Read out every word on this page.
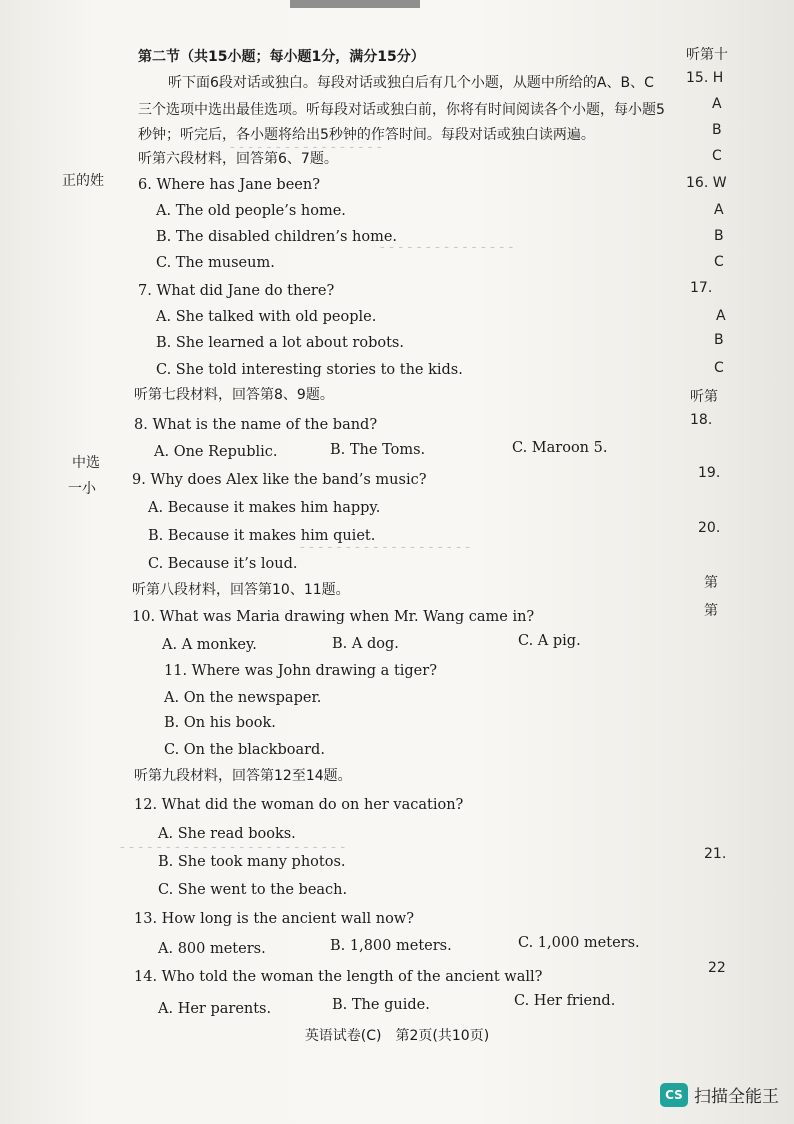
- - - - - - - - - - - - - - - - -
- - - - - - - - - - - - - - -
- - - - - - - - - - - - - - - - - - -
- - - - - - - - - - - - - - - - - - - - - - - - -
正的姓
中选
一小
第二节（共15小题；每小题1分，满分15分）
听下面6段对话或独白。每段对话或独白后有几个小题，从题中所给的A、B、C
三个选项中选出最佳选项。听每段对话或独白前，你将有时间阅读各个小题，每小题5
秒钟；听完后，各小题将给出5秒钟的作答时间。每段对话或独白读两遍。
听第六段材料，回答第6、7题。
6. Where has Jane been?
A. The old people’s home.
B. The disabled children’s home.
C. The museum.
7. What did Jane do there?
A. She talked with old people.
B. She learned a lot about robots.
C. She told interesting stories to the kids.
听第七段材料，回答第8、9题。
8. What is the name of the band?
A. One Republic.	B. The Toms.	C. Maroon 5.
9. Why does Alex like the band’s music?
A. Because it makes him happy.
B. Because it makes him quiet.
C. Because it’s loud.
听第八段材料，回答第10、11题。
10. What was Maria drawing when Mr. Wang came in?
A. A monkey.	B. A dog.	C. A pig.
11. Where was John drawing a tiger?
A. On the newspaper.
B. On his book.
C. On the blackboard.
听第九段材料，回答第12至14题。
12. What did the woman do on her vacation?
A. She read books.
B. She took many photos.
C. She went to the beach.
13. How long is the ancient wall now?
A. 800 meters.	B. 1,800 meters.	C. 1,000 meters.
14. Who told the woman the length of the ancient wall?
A. Her parents.	B. The guide.	C. Her friend.
听第十
15. H
A
B
C
16. W
A
B
C
17.
A
B
C
听第
18.
19.
20.
第
第
21.
22
英语试卷(C)　第2页(共10页)
CS 扫描全能王
